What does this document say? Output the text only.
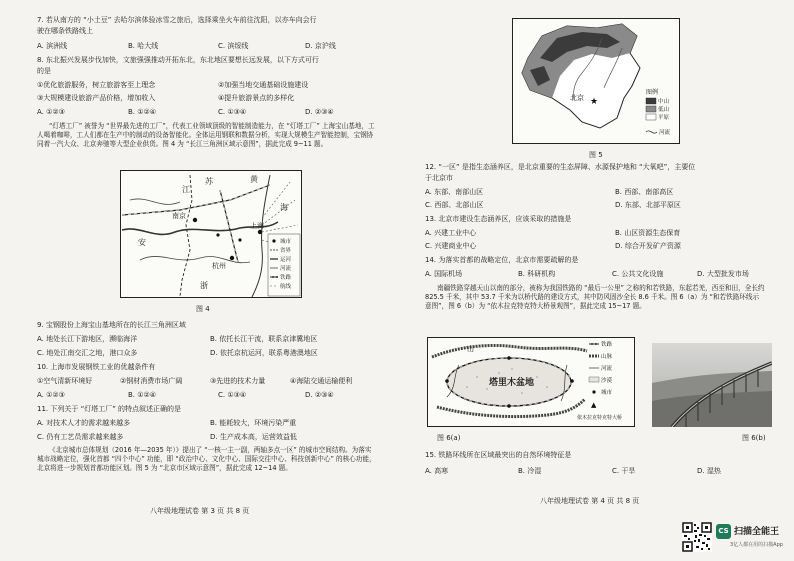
7. 若从南方的 “小土豆” 去哈尔滨体验冰雪之旅后，选择乘坐火车前往沈阳，以亦车向会行
驶在哪条铁路线上
A. 滨洲线	B. 哈大线	C. 滨绥线	D. 京沪线
8. 东北振兴发展步伐加快，文旅强强推动开拓东北，东北地区要想长远发展，以下方式可行
的是
①优化旅游服务，树立旅游客至上理念	②加强当地交通基础设施建设
③大规模建设旅游产品价格，增加收入	④提升旅游景点的多样化
A. ①②③	B. ①②④	C. ①③④	D. ②③④
“灯塔工厂” 被誉为 “世界最先进的工厂”，代表工业领域顶级的智能制造能力，在 “灯塔工厂” 上海宝山基地，工人喝着咖啡，工人们都在生产中的制动的设备智能化。全体运用钢联和数据分析，实现大规模生产智能控制，宝钢协同着一汽大众、北京奔驰等大型企业供货。图 4 为 “长江三角洲区域示意图”，据此完成 9~11 题。
江
苏	黄
南京
上海
安
海
杭州
浙
城市
省界
运河
河流
铁路
航线
图 4
9. 宝钢股份上海宝山基地所在的长江三角洲区域
A. 地处长江下游地区，濒临海洋	B. 依托长江干流，联系京津冀地区
C. 地处江南交汇之地，港口众多	D. 依托京杭运河，联系粤港澳地区
10. 上海市发展钢铁工业的优越条件有
①空气清新环境好	②钢材消费市场广阔	③先进的技术力量	④海陆交通运输便利
A. ①②③	B. ①②④	C. ①③④	D. ②③④
11. 下列关于 “灯塔工厂” 的特点叙述正确的是
A. 对技术人才的需求越来越多	B. 能耗较大，环境污染严重
C. 仍有工艺员需求越来越多	D. 生产成本高，运营效益低
《北京城市总体规划（2016 年—2035 年）》提出了 “一核一主一副，两轴多点一区” 的城市空间结构。为落实城市战略定位，强化首都 “四个中心” 功能，即 “政治中心、文化中心、国际交往中心、科技创新中心” 的核心功能，北京将进一步规划首都功能区划。图 5 为 “北京市区域示意图”，据此完成 12~14 题。
八年级地理试卷 第 3 页 共 8 页
★
北京
图例
中山
低山
平原
河流
图 5
12. “一区” 是指生态涵养区，是北京重要的生态屏障、水源保护地和 “大氧吧”，主要位
于北京市
A. 东部、南部山区	B. 西部、南部高区
C. 西部、北部山区	D. 东部、北部平原区
13. 北京市建设生态涵养区，应该采取的措施是
A. 兴建工业中心	B. 山区资源生态保育
C. 兴建商业中心	D. 综合开发矿产资源
14. 为落实首都的战略定位，北京市需要疏解的是
A. 国际机场	B. 科研机构	C. 公共文化设施	D. 大型批发市场
南疆铁路穿越天山以南的部分，被称为我国铁路的 “最后一公里” 之称的和若铁路，东起若羌，西至和田，全长约 825.5 千米，其中 53.7 千米为以桥代路的建设方式，其中防风固沙全长 8.6 千米。图 6（a）为 “和若铁路环线示意图”，图 6（b）为 “依木拉克特克特大桥景观图”，据此完成 15~17 题。
塔里木盆地
山
▲
铁路
山脉
河流
沙漠
城市
依木拉克特克特大桥
图 6(a)	图 6(b)
15. 铁路环线所在区域最突出的自然环境特征是
A. 高寒	B. 冷湿	C. 干旱	D. 湿热
八年级地理试卷 第 4 页 共 8 页
CS 扫描全能王
3亿人都在用的扫描App
